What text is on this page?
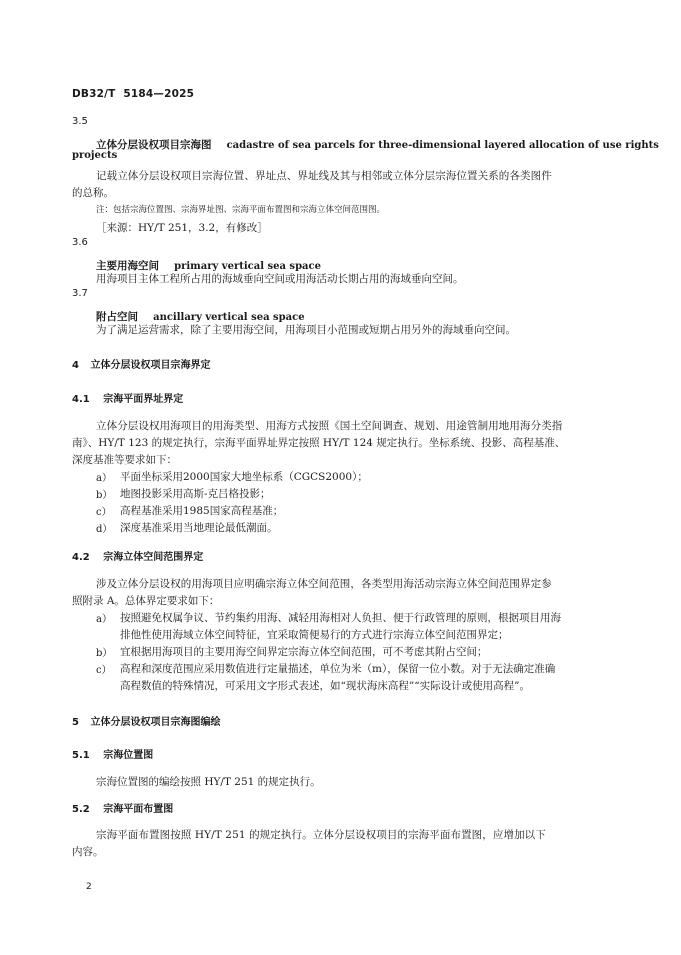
DB32/T 5184—2025
3.5
立体分层设权项目宗海图 cadastre of sea parcels for three-dimensional layered allocation of use rights
projects
记载立体分层设权项目宗海位置、界址点、界址线及其与相邻或立体分层宗海位置关系的各类图件
的总称。
注：包括宗海位置图、宗海界址图、宗海平面布置图和宗海立体空间范围图。
［来源：HY/T 251，3.2，有修改］
3.6
主要用海空间 primary vertical sea space
用海项目主体工程所占用的海域垂向空间或用海活动长期占用的海域垂向空间。
3.7
附占空间 ancillary vertical sea space
为了满足运营需求，除了主要用海空间，用海项目小范围或短期占用另外的海域垂向空间。
4 立体分层设权项目宗海界定
4.1 宗海平面界址界定
立体分层设权用海项目的用海类型、用海方式按照《国土空间调查、规划、用途管制用地用海分类指
南》、HY/T 123 的规定执行，宗海平面界址界定按照 HY/T 124 规定执行。坐标系统、投影、高程基准、
深度基准等要求如下：
a） 平面坐标采用2000国家大地坐标系（CGCS2000）；
b） 地图投影采用高斯-克吕格投影；
c） 高程基准采用1985国家高程基准；
d） 深度基准采用当地理论最低潮面。
4.2 宗海立体空间范围界定
涉及立体分层设权的用海项目应明确宗海立体空间范围，各类型用海活动宗海立体空间范围界定参
照附录 A。总体界定要求如下：
a） 按照避免权属争议、节约集约用海、减轻用海相对人负担、便于行政管理的原则，根据项目用海
排他性使用海域立体空间特征，宜采取简便易行的方式进行宗海立体空间范围界定；
b） 宜根据用海项目的主要用海空间界定宗海立体空间范围，可不考虑其附占空间；
c） 高程和深度范围应采用数值进行定量描述，单位为米（m），保留一位小数。对于无法确定准确
高程数值的特殊情况，可采用文字形式表述，如“现状海床高程”“实际设计或使用高程”。
5 立体分层设权项目宗海图编绘
5.1 宗海位置图
宗海位置图的编绘按照 HY/T 251 的规定执行。
5.2 宗海平面布置图
宗海平面布置图按照 HY/T 251 的规定执行。立体分层设权项目的宗海平面布置图，应增加以下
内容。
2
